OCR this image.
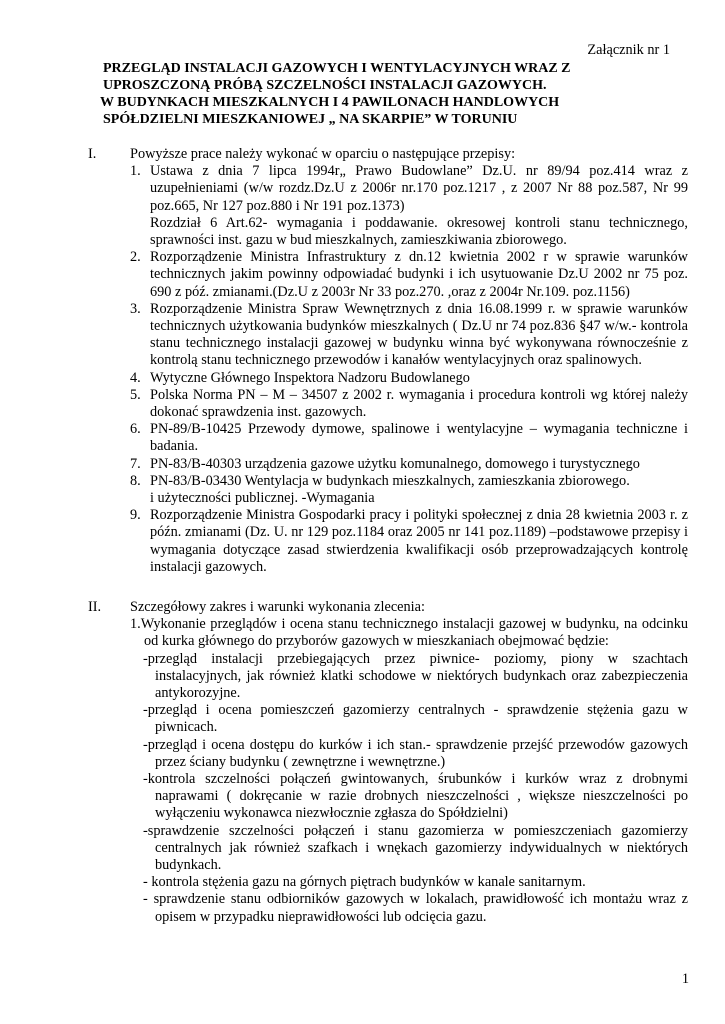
Załącznik nr 1
PRZEGLĄD INSTALACJI GAZOWYCH I WENTYLACYJNYCH WRAZ Z
UPROSZCZONĄ PRÓBĄ SZCZELNOŚCI INSTALACJI GAZOWYCH.
W BUDYNKACH MIESZKALNYCH I 4 PAWILONACH HANDLOWYCH
SPÓŁDZIELNI MIESZKANIOWEJ „ NA SKARPIE” W TORUNIU
I.	Powyższe prace należy wykonać w oparciu o następujące przepisy:
1. Ustawa z dnia 7 lipca 1994r„ Prawo Budowlane” Dz.U. nr 89/94 poz.414 wraz z uzupełnieniami (w/w rozdz.Dz.U z 2006r nr.170 poz.1217 , z 2007 Nr 88 poz.587, Nr 99 poz.665, Nr 127 poz.880 i Nr 191 poz.1373)

Rozdział 6 Art.62- wymagania i poddawanie. okresowej kontroli stanu technicznego, sprawności inst. gazu w bud mieszkalnych, zamieszkiwania zbiorowego.

2. Rozporządzenie Ministra Infrastruktury z dn.12 kwietnia 2002 r w sprawie warunków technicznych jakim powinny odpowiadać budynki i ich usytuowanie Dz.U 2002 nr 75 poz. 690 z póź. zmianami.(Dz.U z 2003r Nr 33 poz.270. ,oraz z 2004r Nr.109. poz.1156)

3. Rozporządzenie Ministra Spraw Wewnętrznych z dnia 16.08.1999 r. w sprawie warunków technicznych użytkowania budynków mieszkalnych ( Dz.U nr 74 poz.836 §47 w/w.- kontrola stanu technicznego instalacji gazowej w budynku winna być wykonywana równocześnie z kontrolą stanu technicznego przewodów i kanałów wentylacyjnych oraz spalinowych.

4. Wytyczne Głównego Inspektora Nadzoru Budowlanego

5. Polska Norma PN – M – 34507 z 2002 r. wymagania i procedura kontroli wg której należy dokonać sprawdzenia inst. gazowych.

6. PN-89/B-10425 Przewody dymowe, spalinowe i wentylacyjne – wymagania techniczne i badania.

7. PN-83/B-40303 urządzenia gazowe użytku komunalnego, domowego i turystycznego

8. PN-83/B-03430 Wentylacja w budynkach mieszkalnych, zamieszkania zbiorowego.

i użyteczności publicznej. -Wymagania

9. Rozporządzenie Ministra Gospodarki pracy i polityki społecznej z dnia 28 kwietnia 2003 r. z późn. zmianami (Dz. U. nr 129 poz.1184 oraz 2005 nr 141 poz.1189) –podstawowe przepisy i wymagania dotyczące zasad stwierdzenia kwalifikacji osób przeprowadzających kontrolę instalacji gazowych.

II.	Szczegółowy zakres i warunki wykonania zlecenia:

1.Wykonanie przeglądów i ocena stanu technicznego instalacji gazowej w budynku, na odcinku od kurka głównego do przyborów gazowych w mieszkaniach obejmować będzie:

-przegląd instalacji przebiegających przez piwnice- poziomy, piony w szachtach instalacyjnych, jak również klatki schodowe w niektórych budynkach oraz zabezpieczenia antykorozyjne.

-przegląd i ocena pomieszczeń gazomierzy centralnych - sprawdzenie stężenia gazu w piwnicach.

-przegląd i ocena dostępu do kurków i ich stan.- sprawdzenie przejść przewodów gazowych przez ściany budynku ( zewnętrzne i wewnętrzne.)

-kontrola szczelności połączeń gwintowanych, śrubunków i kurków wraz z drobnymi naprawami ( dokręcanie w razie drobnych nieszczelności , większe nieszczelności po wyłączeniu wykonawca niezwłocznie zgłasza do Spółdzielni)

-sprawdzenie szczelności połączeń i stanu gazomierza w pomieszczeniach gazomierzy centralnych jak również szafkach i wnękach gazomierzy indywidualnych w niektórych budynkach.

- kontrola stężenia gazu na górnych piętrach budynków w kanale sanitarnym.

- sprawdzenie stanu odbiorników gazowych w lokalach, prawidłowość ich montażu wraz z opisem w przypadku nieprawidłowości lub odcięcia gazu.

1
